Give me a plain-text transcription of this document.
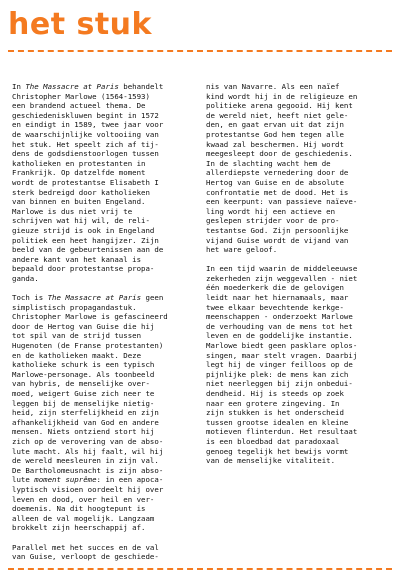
het stuk

In The Massacre at Paris behandelt
Christopher Marlowe (1564-1593)
een brandend actueel thema. De
geschiedeniskluwen begint in 1572
en eindigt in 1589, twee jaar voor
de waarschijnlijke voltooiing van
het stuk. Het speelt zich af tij-
dens de godsdienstoorlogen tussen
katholieken en protestanten in
Frankrijk. Op datzelfde moment
wordt de protestantse Elisabeth I
sterk bedreigd door katholieken
van binnen en buiten Engeland.
Marlowe is dus niet vrij te
schrijven wat hij wil, de reli-
gieuze strijd is ook in Engeland
politiek een heet hangijzer. Zijn
beeld van de gebeurtenissen aan de
andere kant van het kanaal is
bepaald door protestantse propa-
ganda.

Toch is The Massacre at Paris geen
simplistisch propagandastuk.
Christopher Marlowe is gefascineerd
door de Hertog van Guise die hij
tot spil van de strijd tussen
Hugenoten (de Franse protestanten)
en de katholieken maakt. Deze
katholieke schurk is een typisch
Marlowe-personage. Als toonbeeld
van hybris, de menselijke over-
moed, weigert Guise zich neer te
leggen bij de menselijke nietig-
heid, zijn sterfelijkheid en zijn
afhankelijkheid van God en andere
mensen. Niets ontziend stort hij
zich op de verovering van de abso-
lute macht. Als hij faalt, wil hij
de wereld meesleuren in zijn val.
De Bartholomeusnacht is zijn abso-
lute moment suprême: in een apoca-
lyptisch visioen oordeelt hij over
leven en dood, over heil en ver-
doemenis. Na dit hoogtepunt is
alleen de val mogelijk. Langzaam
brokkelt zijn heerschappij af.

Parallel met het succes en de val
van Guise, verloopt de geschiede-

nis van Navarre. Als een naïef
kind wordt hij in de religieuze en
politieke arena gegooid. Hij kent
de wereld niet, heeft niet gele-
den, en gaat ervan uit dat zijn
protestantse God hem tegen alle
kwaad zal beschermen. Hij wordt
meegesleept door de geschiedenis.
In de slachting wacht hem de
allerdiepste vernedering door de
Hertog van Guise en de absolute
confrontatie met de dood. Het is
een keerpunt: van passieve naïeve-
ling wordt hij een actieve en
geslepen strijder voor de pro-
testantse God. Zijn persoonlijke
vijand Guise wordt de vijand van
het ware geloof.

In een tijd waarin de middeleeuwse
zekerheden zijn weggevallen - niet
één moederkerk die de gelovigen
leidt naar het hiernamaals, maar
twee elkaar bevechtende kerkge-
meenschappen - onderzoekt Marlowe
de verhouding van de mens tot het
leven en de goddelijke instantie.
Marlowe biedt geen pasklare oplos-
singen, maar stelt vragen. Daarbij
legt hij de vinger feilloos op de
pijnlijke plek: de mens kan zich
niet neerleggen bij zijn onbedui-
dendheid. Hij is steeds op zoek
naar een grotere zingeving. In
zijn stukken is het onderscheid
tussen grootse idealen en kleine
motieven flinterdun. Het resultaat
is een bloedbad dat paradoxaal
genoeg tegelijk het bewijs vormt
van de menselijke vitaliteit.
